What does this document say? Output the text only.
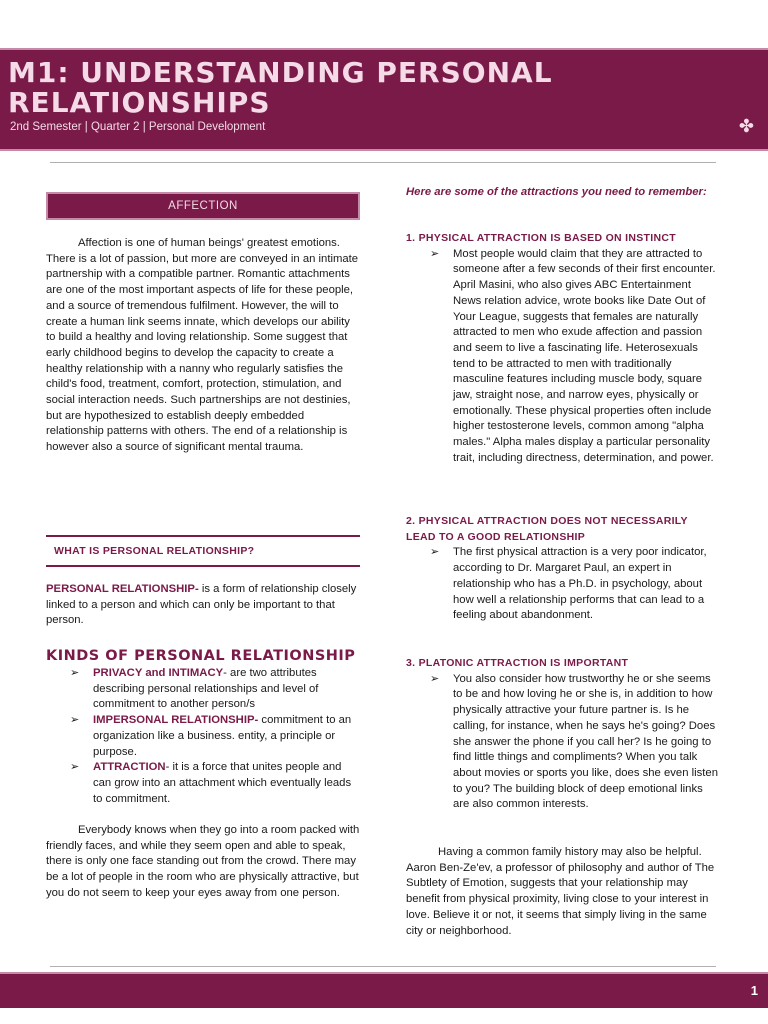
M1: UNDERSTANDING PERSONAL RELATIONSHIPS
2nd Semester | Quarter 2 | Personal Development	✤
AFFECTION

Affection is one of human beings' greatest emotions. There is a lot of passion, but more are conveyed in an intimate partnership with a compatible partner. Romantic attachments are one of the most important aspects of life for these people, and a source of tremendous fulfilment. However, the will to create a human link seems innate, which develops our ability to build a healthy and loving relationship. Some suggest that early childhood begins to develop the capacity to create a healthy relationship with a nanny who regularly satisfies the child's food, treatment, comfort, protection, stimulation, and social interaction needs. Such partnerships are not destinies, but are hypothesized to establish deeply embedded relationship patterns with others. The end of a relationship is however also a source of significant mental trauma.

WHAT IS PERSONAL RELATIONSHIP?

PERSONAL RELATIONSHIP- is a form of relationship closely linked to a person and which can only be important to that person.

KINDS OF PERSONAL RELATIONSHIP
➢ PRIVACY and INTIMACY- are two attributes describing personal relationships and level of commitment to another person/s
➢ IMPERSONAL RELATIONSHIP- commitment to an organization like a business. entity, a principle or purpose.
➢ ATTRACTION- it is a force that unites people and can grow into an attachment which eventually leads to commitment.

Everybody knows when they go into a room packed with friendly faces, and while they seem open and able to speak, there is only one face standing out from the crowd. There may be a lot of people in the room who are physically attractive, but you do not seem to keep your eyes away from one person.

Here are some of the attractions you need to remember:

1. PHYSICAL ATTRACTION IS BASED ON INSTINCT

➢ Most people would claim that they are attracted to someone after a few seconds of their first encounter. April Masini, who also gives ABC Entertainment News relation advice, wrote books like Date Out of Your League, suggests that females are naturally attracted to men who exude affection and passion and seem to live a fascinating life. Heterosexuals tend to be attracted to men with traditionally masculine features including muscle body, square jaw, straight nose, and narrow eyes, physically or emotionally. These physical properties often include higher testosterone levels, common among "alpha males." Alpha males display a particular personality trait, including directness, determination, and power.

2. PHYSICAL ATTRACTION DOES NOT NECESSARILY LEAD TO A GOOD RELATIONSHIP

➢ The first physical attraction is a very poor indicator, according to Dr. Margaret Paul, an expert in relationship who has a Ph.D. in psychology, about how well a relationship performs that can lead to a feeling about abandonment.

3. PLATONIC ATTRACTION IS IMPORTANT

➢ You also consider how trustworthy he or she seems to be and how loving he or she is, in addition to how physically attractive your future partner is. Is he calling, for instance, when he says he's going? Does she answer the phone if you call her? Is he going to find little things and compliments? When you talk about movies or sports you like, does she even listen to you? The building block of deep emotional links are also common interests.

Having a common family history may also be helpful. Aaron Ben-Ze'ev, a professor of philosophy and author of The Subtlety of Emotion, suggests that your relationship may benefit from physical proximity, living close to your interest in love. Believe it or not, it seems that simply living in the same city or neighborhood.

1
